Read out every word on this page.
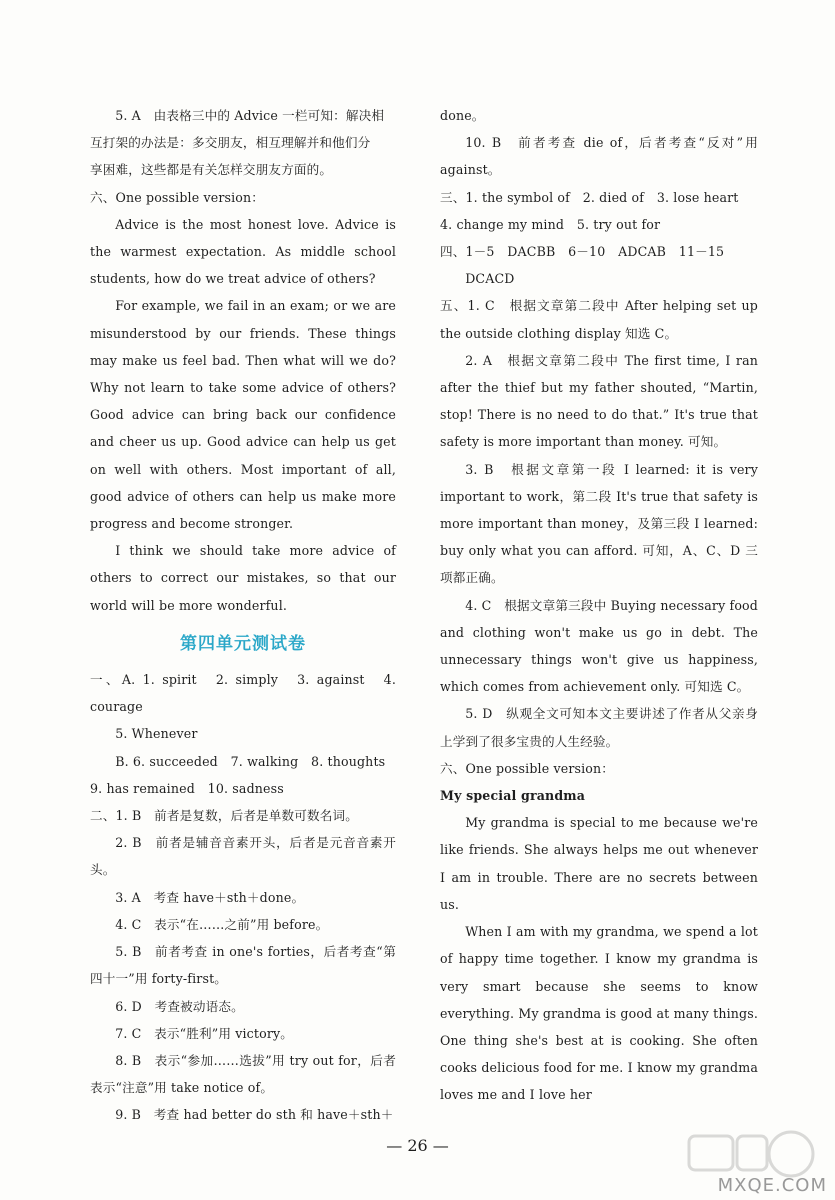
5. A　由表格三中的 Advice 一栏可知：解决相

互打架的办法是：多交朋友，相互理解并和他们分

享困难，这些都是有关怎样交朋友方面的。

六、One possible version：

Advice is the most honest love. Advice is the warmest expectation. As middle school students, how do we treat advice of others?

For example, we fail in an exam; or we are misunderstood by our friends. These things may make us feel bad. Then what will we do? Why not learn to take some advice of others? Good advice can bring back our confidence and cheer us up. Good advice can help us get on well with others. Most important of all, good advice of others can help us make more progress and become stronger.

I think we should take more advice of others to correct our mistakes, so that our world will be more wonderful.

第四单元测试卷

一、A. 1. spirit　2. simply　3. against　4. courage

5. Whenever

B. 6. succeeded　7. walking　8. thoughts

9. has remained　10. sadness

二、1. B　前者是复数，后者是单数可数名词。

2. B　前者是辅音音素开头，后者是元音音素开头。

3. A　考查 have＋sth＋done。

4. C　表示“在……之前”用 before。

5. B　前者考查 in one's forties，后者考查“第四十一”用 forty-first。

6. D　考查被动语态。

7. C　表示“胜利”用 victory。

8. B　表示“参加……选拔”用 try out for，后者表示“注意”用 take notice of。

9. B　考查 had better do sth 和 have＋sth＋

done。

10. B　前者考查 die of，后者考查“反对”用against。

三、1. the symbol of　2. died of　3. lose heart

4. change my mind　5. try out for

四、1－5　DACBB　6－10　ADCAB　11－15

DCACD

五、1. C　根据文章第二段中 After helping set up the outside clothing display 知选 C。

2. A　根据文章第二段中 The first time, I ran after the thief but my father shouted, “Martin, stop! There is no need to do that.” It's true that safety is more important than money. 可知。

3. B　根据文章第一段 I learned: it is very important to work，第二段 It's true that safety is more important than money，及第三段 I learned: buy only what you can afford. 可知，A、C、D 三项都正确。

4. C　根据文章第三段中 Buying necessary food and clothing won't make us go in debt. The unnecessary things won't give us happiness, which comes from achievement only. 可知选 C。

5. D　纵观全文可知本文主要讲述了作者从父亲身上学到了很多宝贵的人生经验。

六、One possible version：

My special grandma

My grandma is special to me because we're like friends. She always helps me out whenever I am in trouble. There are no secrets between us.

When I am with my grandma, we spend a lot of happy time together. I know my grandma is very smart because she seems to know everything. My grandma is good at many things. One thing she's best at is cooking. She often cooks delicious food for me. I know my grandma loves me and I love her

— 26 —
MXQE.COM
